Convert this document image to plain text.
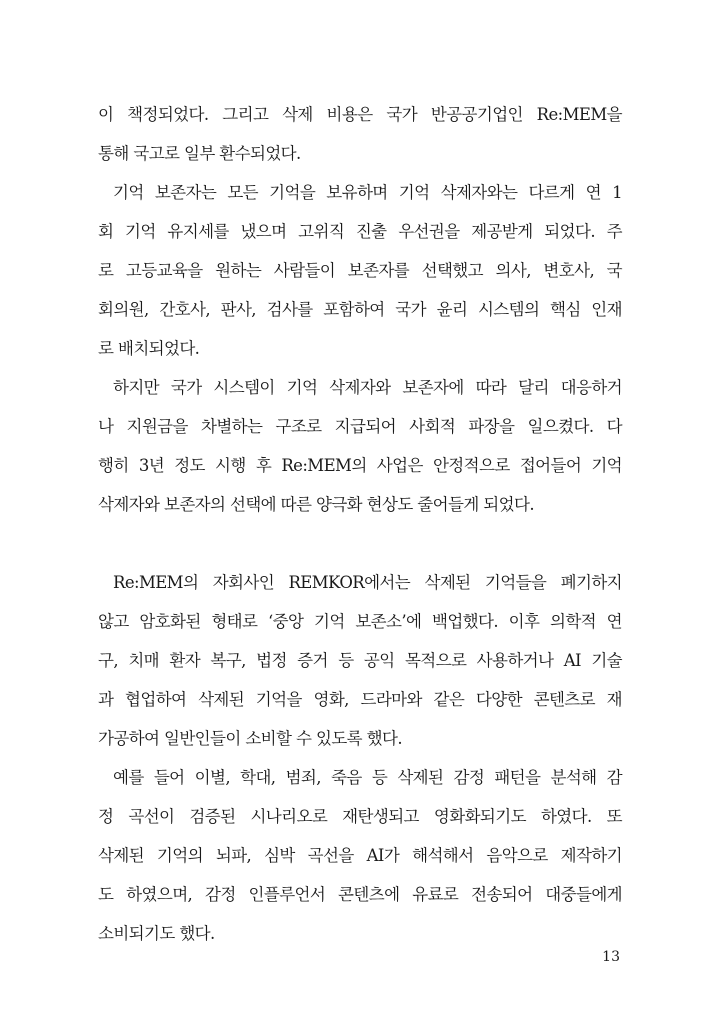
이 책정되었다. 그리고 삭제 비용은 국가 반공공기업인 Re:MEM을
통해 국고로 일부 환수되었다.
기억 보존자는 모든 기억을 보유하며 기억 삭제자와는 다르게 연 1
회 기억 유지세를 냈으며 고위직 진출 우선권을 제공받게 되었다. 주
로 고등교육을 원하는 사람들이 보존자를 선택했고 의사, 변호사, 국
회의원, 간호사, 판사, 검사를 포함하여 국가 윤리 시스템의 핵심 인재
로 배치되었다.
하지만 국가 시스템이 기억 삭제자와 보존자에 따라 달리 대응하거
나 지원금을 차별하는 구조로 지급되어 사회적 파장을 일으켰다. 다
행히 3년 정도 시행 후 Re:MEM의 사업은 안정적으로 접어들어 기억
삭제자와 보존자의 선택에 따른 양극화 현상도 줄어들게 되었다.
Re:MEM의 자회사인 REMKOR에서는 삭제된 기억들을 폐기하지
않고 암호화된 형태로 ‘중앙 기억 보존소’에 백업했다. 이후 의학적 연
구, 치매 환자 복구, 법정 증거 등 공익 목적으로 사용하거나 AI 기술
과 협업하여 삭제된 기억을 영화, 드라마와 같은 다양한 콘텐츠로 재
가공하여 일반인들이 소비할 수 있도록 했다.
예를 들어 이별, 학대, 범죄, 죽음 등 삭제된 감정 패턴을 분석해 감
정 곡선이 검증된 시나리오로 재탄생되고 영화화되기도 하였다. 또
삭제된 기억의 뇌파, 심박 곡선을 AI가 해석해서 음악으로 제작하기
도 하였으며, 감정 인플루언서 콘텐츠에 유료로 전송되어 대중들에게
소비되기도 했다.
13
